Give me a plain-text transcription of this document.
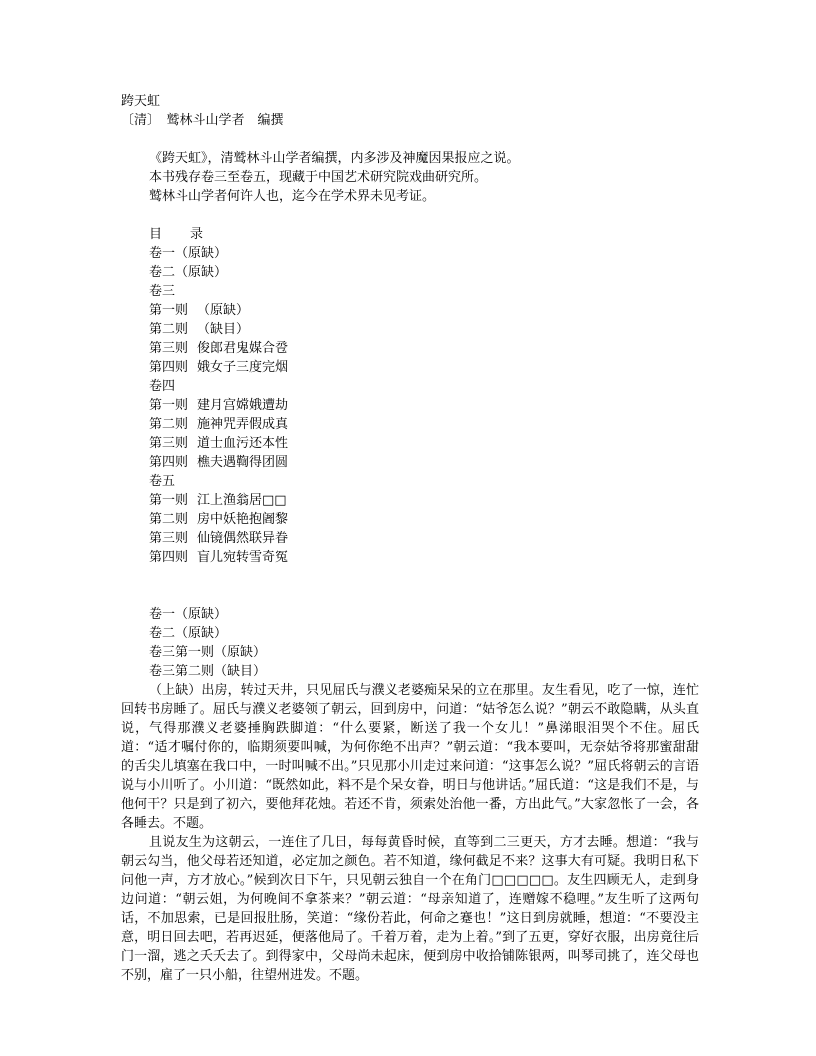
跨天虹

〔清〕　鹫林斗山学者　编撰

《跨天虹》，清鹫林斗山学者编撰，内多涉及神魔因果报应之说。

本书残存卷三至卷五，现藏于中国艺术研究院戏曲研究所。

鹫林斗山学者何许人也，迄今在学术界未见考证。

目 录

卷一（原缺）

卷二（原缺）

卷三

第一则 （原缺）

第二则 （缺目）

第三则 俊郎君鬼媒合卺

第四则 娥女子三度完烟

卷四

第一则 建月宫嫦娥遭劫

第二则 施神咒弄假成真

第三则 道士血污还本性

第四则 樵夫遇鞫得团圆

卷五

第一则 江上渔翁居□□

第二则 房中妖艳抱阇黎

第三则 仙镜偶然联异眷

第四则 盲儿宛转雪奇冤

卷一（原缺）

卷二（原缺）

卷三第一则（原缺）

卷三第二则（缺目）

（上缺）出房，转过天井，只见屈氏与濮义老婆痴呆呆的立在那里。友生看见，吃了一惊，连忙回转书房睡了。屈氏与濮义老婆领了朝云，回到房中，问道：“姑爷怎么说？”朝云不敢隐瞒，从头直说，气得那濮义老婆捶胸跌脚道：“什么要紧，断送了我一个女儿！”鼻涕眼泪哭个不住。屈氏道：“适才嘱付你的，临期须要叫喊，为何你绝不出声？”朝云道：“我本要叫，无奈姑爷将那蜜甜甜的舌尖儿填塞在我口中，一时叫喊不出。”只见那小川走过来问道：“这事怎么说？”屈氏将朝云的言语说与小川听了。小川道：“既然如此，料不是个呆女眷，明日与他讲话。”屈氏道：“这是我们不是，与他何干？只是到了初六，要他拜花烛。若还不肯，须索处治他一番，方出此气。”大家忽怅了一会，各各睡去。不题。

且说友生为这朝云，一连住了几日，每每黄昏时候，直等到二三更天，方才去睡。想道：“我与朝云勾当，他父母若还知道，必定加之颜色。若不知道，缘何截足不来？这事大有可疑。我明日私下问他一声，方才放心。”候到次日下午，只见朝云独自一个在角门□□□□□。友生四顾无人，走到身边问道：“朝云姐，为何晚间不拿茶来？”朝云道：“母亲知道了，连赠嫁不稳哩。”友生听了这两句话，不加思索，已是回报肚肠，笑道：“缘份若此，何命之蹇也！”这日到房就睡，想道：“不要没主意，明日回去吧，若再迟延，便落他局了。千着万着，走为上着。”到了五更，穿好衣服，出房竟往后门一溜，逃之夭夭去了。到得家中，父母尚未起床，便到房中收拾铺陈银两，叫琴司挑了，连父母也不别，雇了一只小船，往望州进发。不题。
